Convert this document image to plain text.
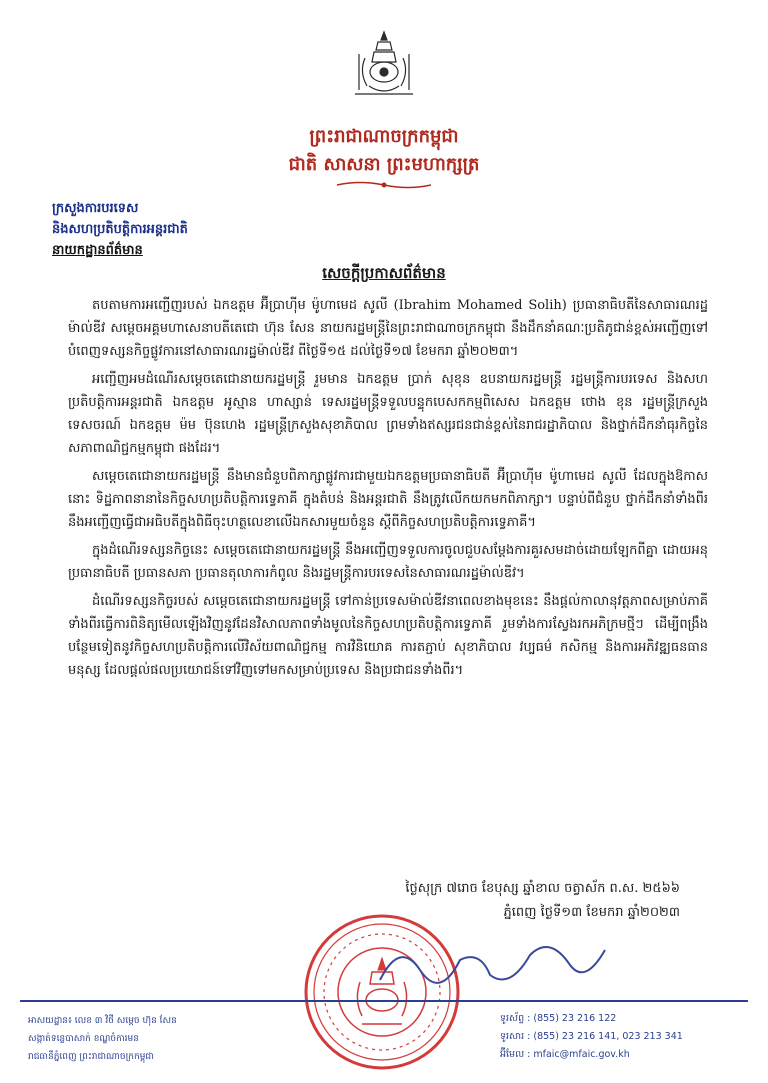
ព្រះរាជាណាចក្រកម្ពុជា
ជាតិ សាសនា ព្រះមហាក្សត្រ
ក្រសួងការបរទេស
និងសហប្រតិបត្តិការអន្តរជាតិ
នាយកដ្ឋានព័ត៌មាន
សេចក្តីប្រកាសព័ត៌មាន

តបតាមការអញ្ជើញរបស់ ឯកឧត្តម អ៊ីប្រាហ៊ីម ម៉ូហាមេដ សូលី (Ibrahim Mohamed Solih) ប្រធានាធិបតីនៃសាធារណរដ្ឋម៉ាល់ឌីវ សម្តេចអគ្គមហាសេនាបតីតេជោ ហ៊ុន សែន នាយករដ្ឋមន្ត្រីនៃព្រះរាជាណាចក្រកម្ពុជា នឹងដឹកនាំគណៈប្រតិភូជាន់ខ្ពស់អញ្ជើញទៅបំពេញទស្សនកិច្ចផ្លូវការនៅសាធារណរដ្ឋម៉ាល់ឌីវ ពីថ្ងៃទី១៥ ដល់ថ្ងៃទី១៧ ខែមករា ឆ្នាំ២០២៣។

អញ្ជើញអមដំណើរសម្តេចតេជោនាយករដ្ឋមន្ត្រី រួមមាន ឯកឧត្តម ប្រាក់ សុខុន ឧបនាយករដ្ឋមន្ត្រី រដ្ឋមន្ត្រីការបរទេស និងសហប្រតិបត្តិការអន្តរជាតិ ឯកឧត្តម អូស្មាន ហាស្សាន់ ទេសរដ្ឋមន្ត្រីទទួលបន្ទុកបេសកកម្មពិសេស ឯកឧត្តម ថោង ខុន រដ្ឋមន្ត្រីក្រសួងទេសចរណ៍ ឯកឧត្តម ម៉ម ប៊ុនហេង រដ្ឋមន្ត្រីក្រសួងសុខាភិបាល ព្រមទាំងឥស្សរជនជាន់ខ្ពស់នៃរាជរដ្ឋាភិបាល និងថ្នាក់ដឹកនាំធុរកិច្ចនៃសភាពាណិជ្ជកម្មកម្ពុជា ផងដែរ។

សម្តេចតេជោនាយករដ្ឋមន្ត្រី នឹងមានជំនួបពិភាក្សាផ្លូវការជាមួយឯកឧត្តមប្រធានាធិបតី អ៊ីប្រាហ៊ីម ម៉ូហាមេដ សូលី ដែលក្នុងឱកាសនោះ ទិដ្ឋភាពនានានៃកិច្ចសហប្រតិបត្តិការទ្វេភាគី ក្នុងតំបន់ និងអន្តរជាតិ នឹងត្រូវលើកយកមកពិភាក្សា។ បន្ទាប់ពីជំនួប ថ្នាក់ដឹកនាំទាំងពីរ នឹងអញ្ជើញធ្វើជាអធិបតីក្នុងពិធីចុះហត្ថលេខាលើឯកសារមួយចំនួន ស្តីពីកិច្ចសហប្រតិបត្តិការទ្វេភាគី។

ក្នុងដំណើរទស្សនកិច្ចនេះ សម្តេចតេជោនាយករដ្ឋមន្ត្រី នឹងអញ្ជើញទទួលការចូលជួបសម្តែងការគួរសមដាច់ដោយឡែកពីគ្នា ដោយអនុប្រធានាធិបតី ប្រធានសភា ប្រធានតុលាការកំពូល និងរដ្ឋមន្ត្រីការបរទេសនៃសាធារណរដ្ឋម៉ាល់ឌីវ។

ដំណើរទស្សនកិច្ចរបស់ សម្តេចតេជោនាយករដ្ឋមន្ត្រី ទៅកាន់ប្រទេសម៉ាល់ឌីវនាពេលខាងមុខនេះ នឹងផ្តល់កាលានុវត្តភាពសម្រាប់ភាគីទាំងពីរធ្វើការពិនិត្យមើលឡើងវិញនូវដែនវិសាលភាពទាំងមូលនៃកិច្ចសហប្រតិបត្តិការទ្វេភាគី រួមទាំងការស្វែងរកអភិក្រមថ្មីៗ ដើម្បីពង្រឹងបន្ថែមទៀតនូវកិច្ចសហប្រតិបត្តិការលើវិស័យពាណិជ្ជកម្ម ការវិនិយោគ ការតភ្ជាប់ សុខាភិបាល វប្បធម៌ កសិកម្ម និងការអភិវឌ្ឍធនធានមនុស្ស ដែលផ្តល់ផលប្រយោជន៍ទៅវិញទៅមកសម្រាប់ប្រទេស និងប្រជាជនទាំងពីរ។

ថ្ងៃសុក្រ ៧រោច ខែបុស្ស ឆ្នាំខាល ចត្វាស័ក ព.ស. ២៥៦៦
ភ្នំពេញ ថ្ងៃទី១៣ ខែមករា ឆ្នាំ២០២៣
អាសយដ្ឋាន៖ លេខ ៣ វិថី សម្តេច ហ៊ុន សែន
សង្កាត់ទន្លេបាសាក់ ខណ្ឌចំការមន
រាជធានីភ្នំពេញ ព្រះរាជាណាចក្រកម្ពុជា
ទូរស័ព្ទ : (855) 23 216 122
ទូរសារ : (855) 23 216 141, 023 213 341
អ៊ីមែល : mfaic@mfaic.gov.kh
